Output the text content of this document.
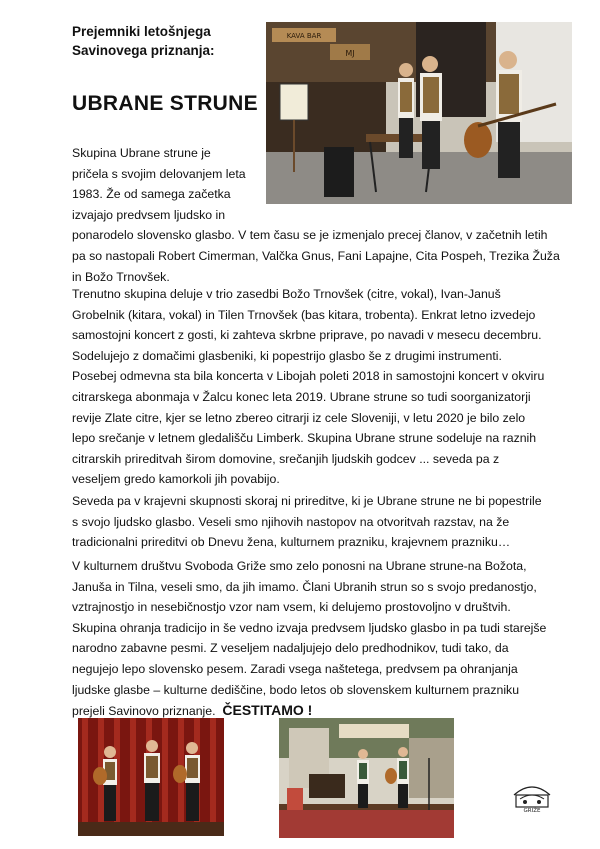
Prejemniki letošnjega
Savinovega priznanja:
UBRANE STRUNE
KAVA BAR
MJ

Skupina Ubrane strune je
pričela s svojim delovanjem leta
1983. Že od samega začetka
izvajajo predvsem ljudsko in
ponarodelo slovensko glasbo. V tem času se je izmenjalo precej članov, v začetnih letih
pa so nastopali Robert Cimerman, Valčka Gnus, Fani Lapajne, Cita Pospeh, Trezika Žuža
in Božo Trnovšek.

Trenutno skupina deluje v trio zasedbi Božo Trnovšek (citre, vokal), Ivan-Januš
Grobelnik (kitara, vokal) in Tilen Trnovšek (bas kitara, trobenta). Enkrat letno izvedejo
samostojni koncert z gosti, ki zahteva skrbne priprave, po navadi v mesecu decembru.
Sodelujejo z domačimi glasbeniki, ki popestrijo glasbo še z drugimi instrumenti.
Posebej odmevna sta bila koncerta v Libojah poleti 2018 in samostojni koncert v okviru
citrarskega abonmaja v Žalcu konec leta 2019. Ubrane strune so tudi soorganizatorji
revije Zlate citre, kjer se letno zbereo citrarji iz cele Sloveniji, v letu 2020 je bilo zelo
lepo srečanje v letnem gledališču Limberk. Skupina Ubrane strune sodeluje na raznih
citrarskih prireditvah širom domovine, srečanjih ljudskih godcev ... seveda pa z
veseljem gredo kamorkoli jih povabijo.

Seveda pa v krajevni skupnosti skoraj ni prireditve, ki je Ubrane strune ne bi popestrile
s svojo ljudsko glasbo. Veseli smo njihovih nastopov na otvoritvah razstav, na že
tradicionalni prireditvi ob Dnevu žena, kulturnem prazniku, krajevnem prazniku…

V kulturnem društvu Svoboda Griže smo zelo ponosni na Ubrane strune-na Božota,
Januša in Tilna, veseli smo, da jih imamo. Člani Ubranih strun so s svojo predanostjo,
vztrajnostjo in nesebičnostjo vzor nam vsem, ki delujemo prostovoljno v društvih.
Skupina ohranja tradicijo in še vedno izvaja predvsem ljudsko glasbo in pa tudi starejše
narodno zabavne pesmi. Z veseljem nadaljujejo delo predhodnikov, tudi tako, da
negujejo lepo slovensko pesem. Zaradi vsega naštetega, predvsem pa ohranjanja
ljudske glasbe – kulturne dediščine, bodo letos ob slovenskem kulturnem prazniku
prejeli Savinovo priznanje. ČESTITAMO !

GRIŽE
